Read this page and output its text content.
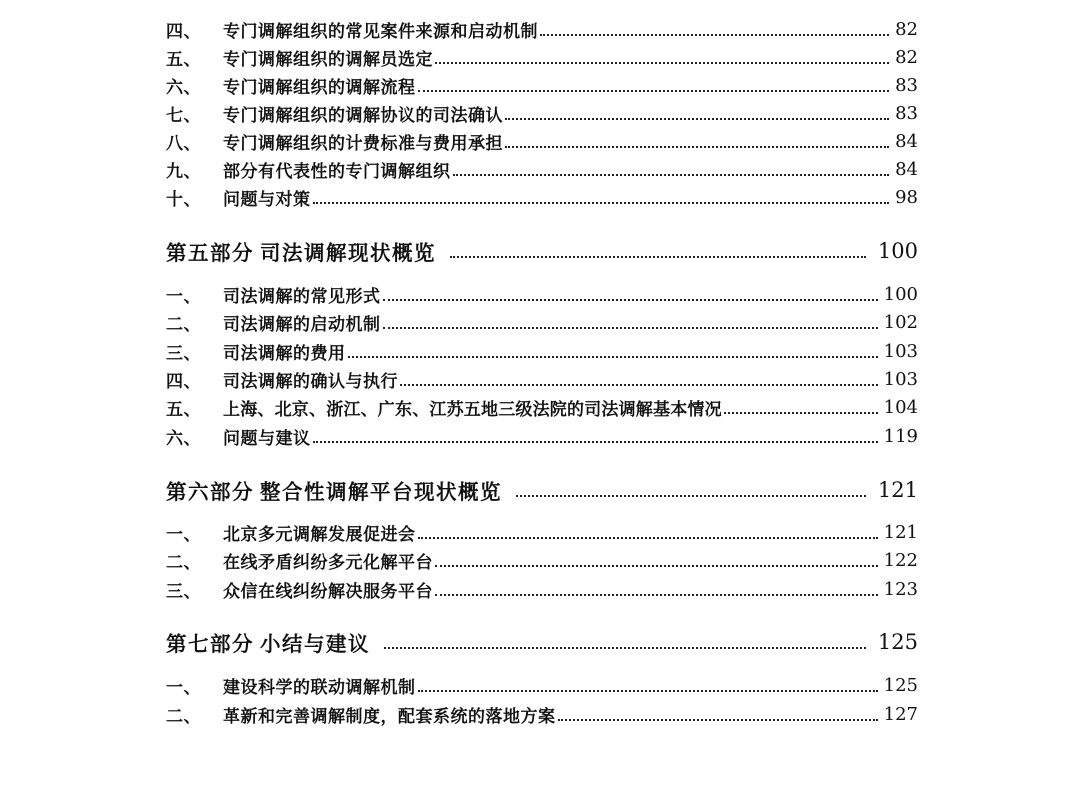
四、	专门调解组织的常见案件来源和启动机制	82
五、	专门调解组织的调解员选定	82
六、	专门调解组织的调解流程	83
七、	专门调解组织的调解协议的司法确认	83
八、	专门调解组织的计费标准与费用承担	84
九、	部分有代表性的专门调解组织	84
十、	问题与对策	98
第五部分 司法调解现状概览	100
一、	司法调解的常见形式	100
二、	司法调解的启动机制	102
三、	司法调解的费用	103
四、	司法调解的确认与执行	103
五、	上海、北京、浙江、广东、江苏五地三级法院的司法调解基本情况	104
六、	问题与建议	119
第六部分 整合性调解平台现状概览	121
一、	北京多元调解发展促进会	121
二、	在线矛盾纠纷多元化解平台	122
三、	众信在线纠纷解决服务平台	123
第七部分 小结与建议	125
一、	建设科学的联动调解机制	125
二、	革新和完善调解制度，配套系统的落地方案	127
